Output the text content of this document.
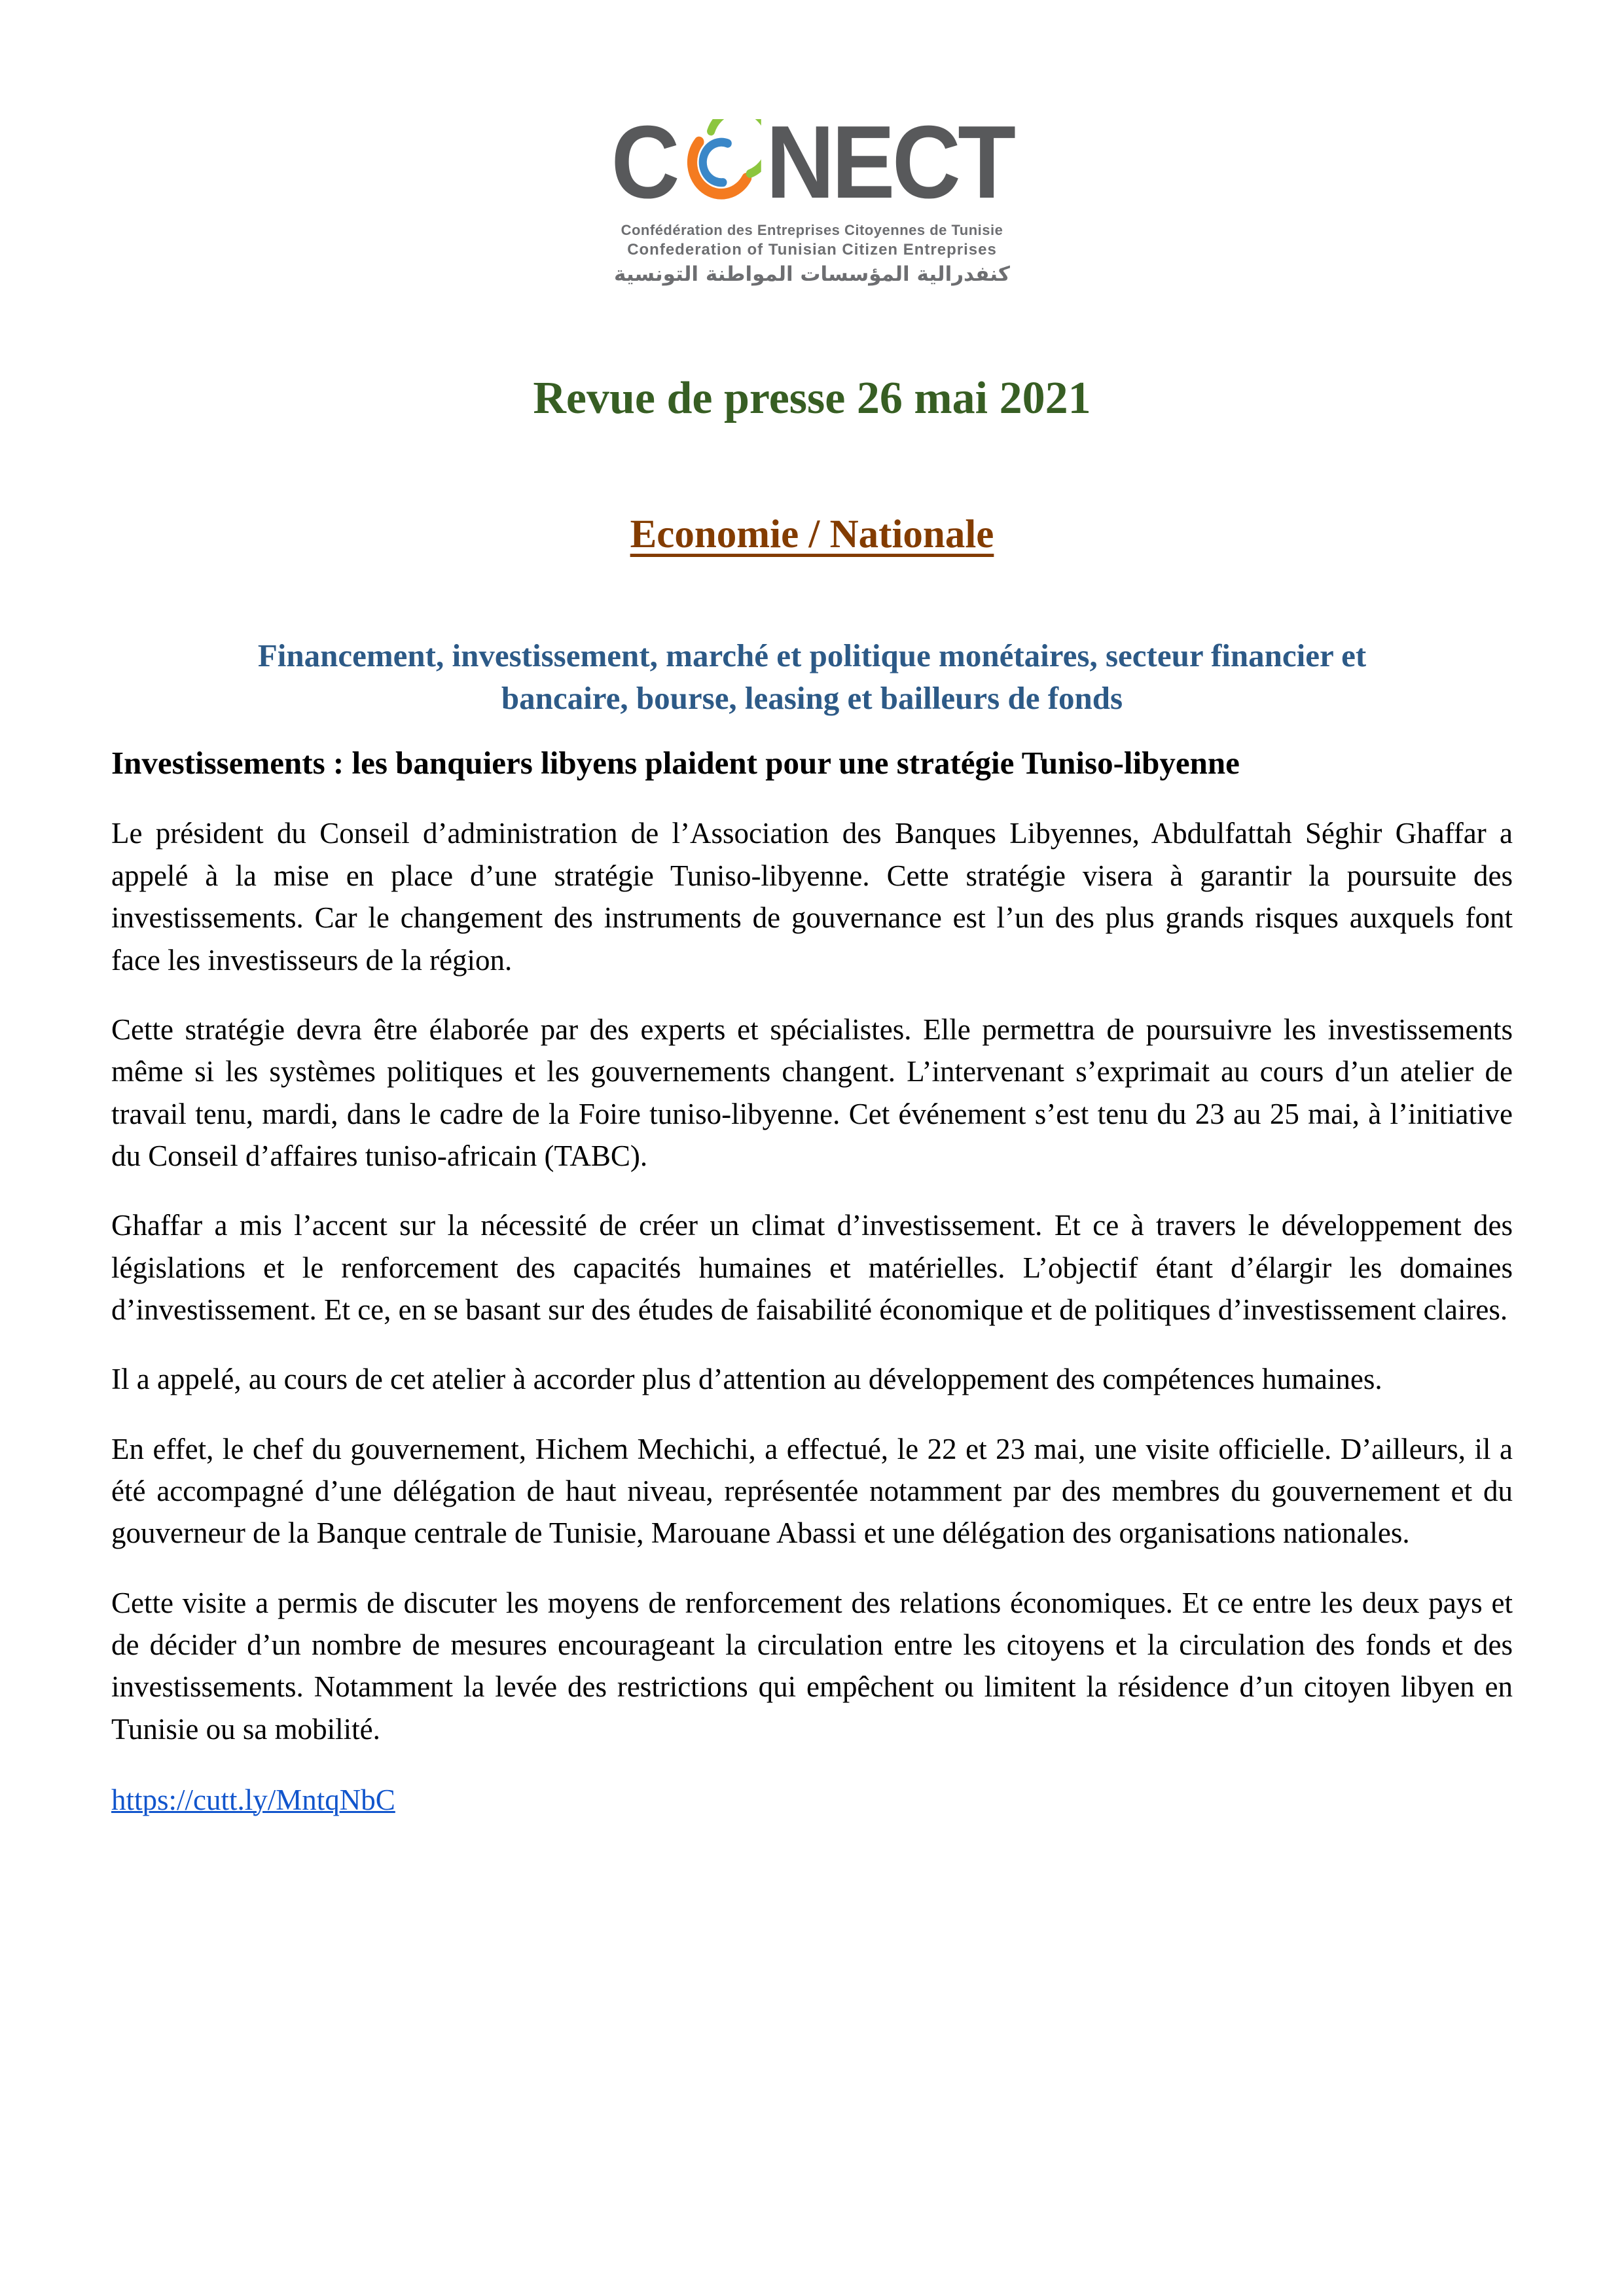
C NECT
Confédération des Entreprises Citoyennes de Tunisie
Confederation of Tunisian Citizen Entreprises
كنفدرالية المؤسسات المواطنة التونسية
Revue de presse 26 mai 2021
Economie / Nationale
Financement, investissement, marché et politique monétaires, secteur financier et bancaire, bourse, leasing et bailleurs de fonds
Investissements : les banquiers libyens plaident pour une stratégie Tuniso-libyenne

Le président du Conseil d’administration de l’Association des Banques Libyennes, Abdulfattah Séghir Ghaffar a appelé à la mise en place d’une stratégie Tuniso-libyenne. Cette stratégie visera à garantir la poursuite des investissements. Car le changement des instruments de gouvernance est l’un des plus grands risques auxquels font face les investisseurs de la région.

Cette stratégie devra être élaborée par des experts et spécialistes. Elle permettra de poursuivre les investissements même si les systèmes politiques et les gouvernements changent. L’intervenant s’exprimait au cours d’un atelier de travail tenu, mardi, dans le cadre de la Foire tuniso-libyenne. Cet événement s’est tenu du 23 au 25 mai, à l’initiative du Conseil d’affaires tuniso-africain (TABC).

Ghaffar a mis l’accent sur la nécessité de créer un climat d’investissement. Et ce à travers le développement des législations et le renforcement des capacités humaines et matérielles. L’objectif étant d’élargir les domaines d’investissement. Et ce, en se basant sur des études de faisabilité économique et de politiques d’investissement claires.

Il a appelé, au cours de cet atelier à accorder plus d’attention au développement des compétences humaines.

En effet, le chef du gouvernement, Hichem Mechichi, a effectué, le 22 et 23 mai, une visite officielle. D’ailleurs, il a été accompagné d’une délégation de haut niveau, représentée notamment par des membres du gouvernement et du gouverneur de la Banque centrale de Tunisie, Marouane Abassi et une délégation des organisations nationales.

Cette visite a permis de discuter les moyens de renforcement des relations économiques. Et ce entre les deux pays et de décider d’un nombre de mesures encourageant la circulation entre les citoyens et la circulation des fonds et des investissements. Notamment la levée des restrictions qui empêchent ou limitent la résidence d’un citoyen libyen en Tunisie ou sa mobilité.

https://cutt.ly/MntqNbC
